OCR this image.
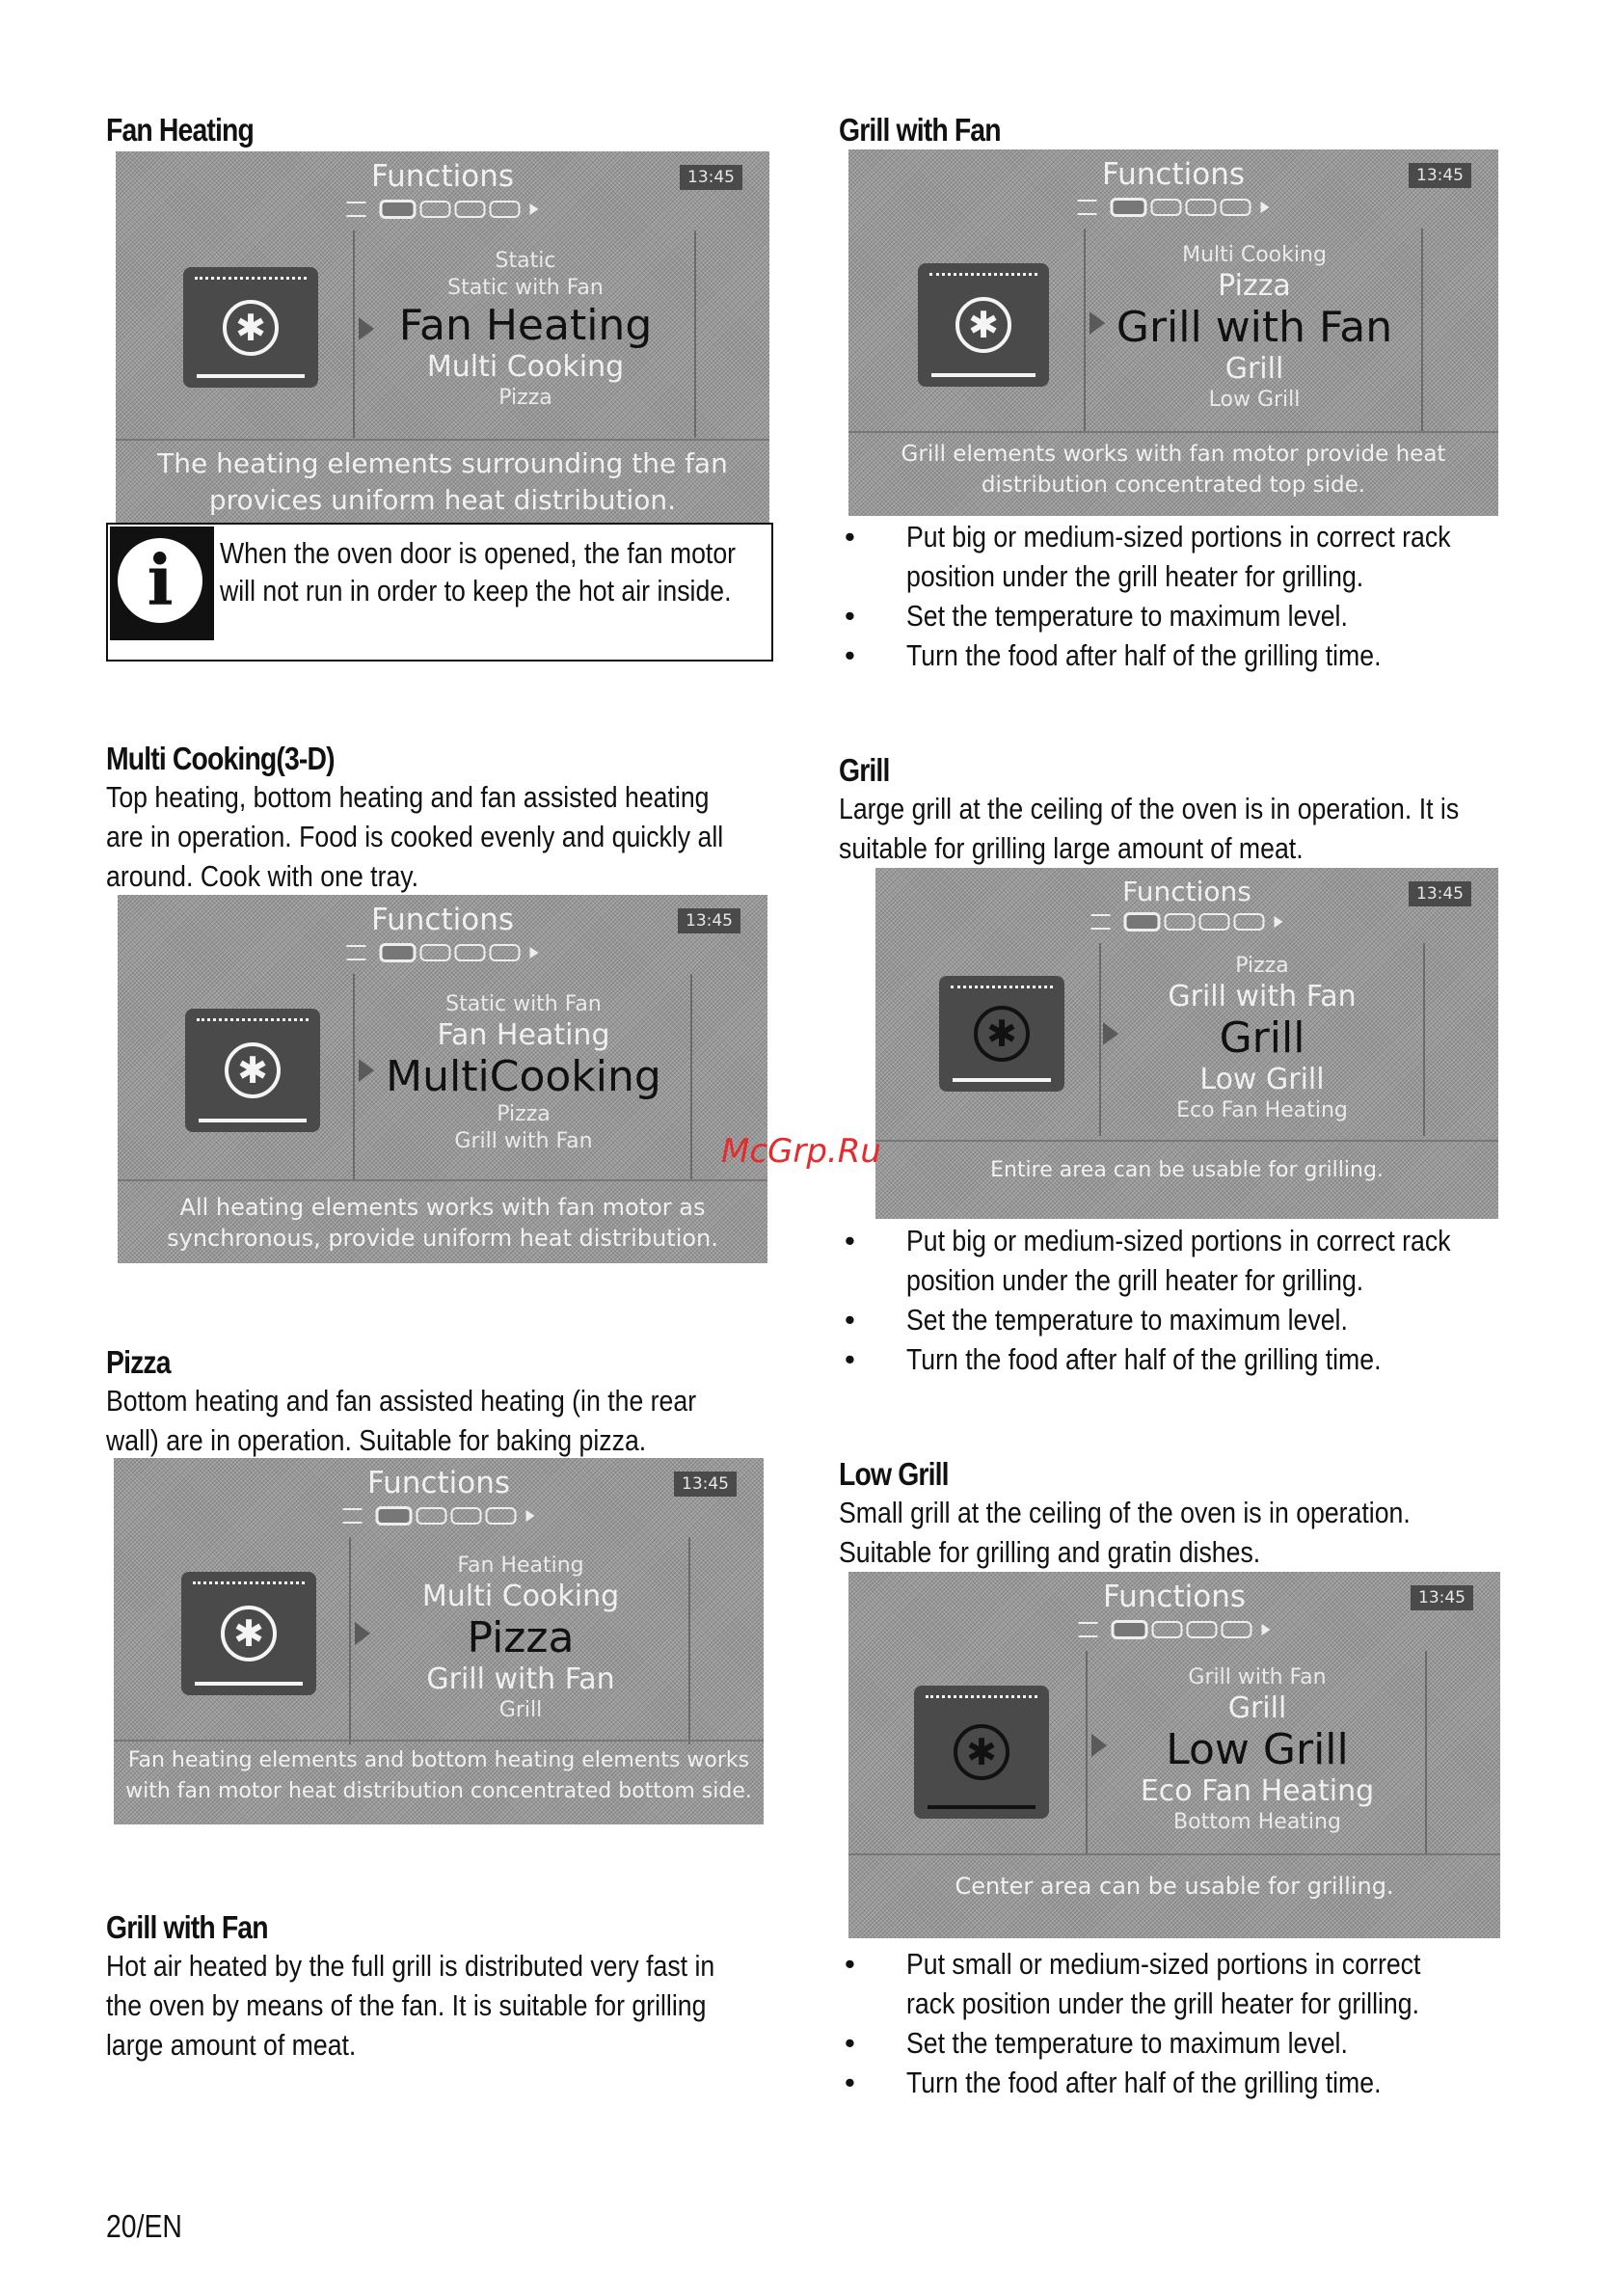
Fan Heating
Functions	13:45
✱
Static
Static with Fan
Fan Heating
Multi Cooking
Pizza
The heating elements surrounding the fan
provices uniform heat distribution.
i	When the oven door is opened, the fan motor
will not run in order to keep the hot air inside.
Multi Cooking(3-D)
Top heating, bottom heating and fan assisted heating
are in operation. Food is cooked evenly and quickly all
around. Cook with one tray.
Functions	13:45
✱
Static with Fan
Fan Heating
MultiCooking
Pizza
Grill with Fan
All heating elements works with fan motor as
synchronous, provide uniform heat distribution.
Pizza
Bottom heating and fan assisted heating (in the rear
wall) are in operation. Suitable for baking pizza.
Functions	13:45
✱
Fan Heating
Multi Cooking
Pizza
Grill with Fan
Grill
Fan heating elements and bottom heating elements works
with fan motor heat distribution concentrated bottom side.
Grill with Fan
Hot air heated by the full grill is distributed very fast in
the oven by means of the fan. It is suitable for grilling
large amount of meat.
Grill with Fan
Functions	13:45
✱
Multi Cooking
Pizza
Grill with Fan
Grill
Low Grill
Grill elements works with fan motor provide heat
distribution concentrated top side.
• Put big or medium-sized portions in correct rack
position under the grill heater for grilling.
• Set the temperature to maximum level.
• Turn the food after half of the grilling time.
Grill
Large grill at the ceiling of the oven is in operation. It is
suitable for grilling large amount of meat.
Functions	13:45
✱
Pizza
Grill with Fan
Grill
Low Grill
Eco Fan Heating
Entire area can be usable for grilling.
McGrp.Ru
• Put big or medium-sized portions in correct rack
position under the grill heater for grilling.
• Set the temperature to maximum level.
• Turn the food after half of the grilling time.
Low Grill
Small grill at the ceiling of the oven is in operation.
Suitable for grilling and gratin dishes.
Functions	13:45
✱
Grill with Fan
Grill
Low Grill
Eco Fan Heating
Bottom Heating
Center area can be usable for grilling.
• Put small or medium-sized portions in correct
rack position under the grill heater for grilling.
• Set the temperature to maximum level.
• Turn the food after half of the grilling time.
20/EN
